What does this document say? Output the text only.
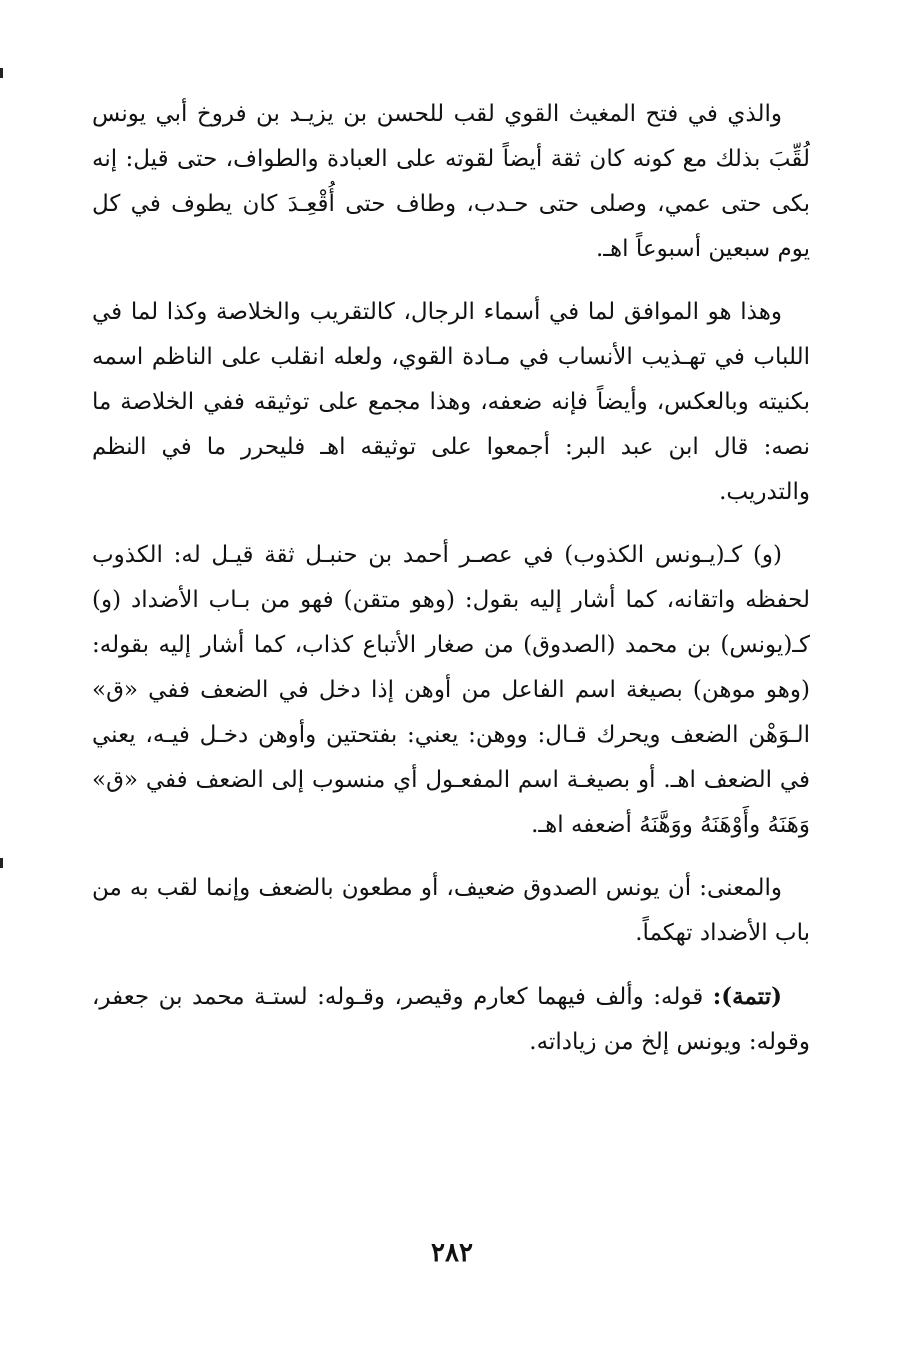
والذي في فتح المغيث القوي لقب للحسن بن يزيـد بن فروخ أبي يونس لُقِّبَ بذلك مع كونه كان ثقة أيضاً لقوته على العبادة والطواف، حتى قيل: إنه بكى حتى عمي، وصلى حتى حـدب، وطاف حتى أُقْعِـدَ كان يطوف في كل يوم سبعين أسبوعاً اهـ.

وهذا هو الموافق لما في أسماء الرجال، كالتقريب والخلاصة وكذا لما في اللباب في تهـذيب الأنساب في مـادة القوي، ولعله انقلب على الناظم اسمه بكنيته وبالعكس، وأيضاً فإنه ضعفه، وهذا مجمع على توثيقه ففي الخلاصة ما نصه: قال ابن عبد البر: أجمعوا على توثيقه اهـ فليحرر ما في النظم والتدريب.

(و) كـ(يـونس الكذوب) في عصـر أحمد بن حنبـل ثقة قيـل له: الكذوب لحفظه واتقانه، كما أشار إليه بقول: (وهو متقن) فهو من بـاب الأضداد (و) كـ(يونس) بن محمد (الصدوق) من صغار الأتباع كذاب، كما أشار إليه بقوله: (وهو موهن) بصيغة اسم الفاعل من أوهن إذا دخل في الضعف ففي «ق» الـوَهْن الضعف ويحرك قـال: ووهن: يعني: بفتحتين وأوهن دخـل فيـه، يعني في الضعف اهـ. أو بصيغـة اسم المفعـول أي منسوب إلى الضعف ففي «ق» وَهَنَهُ وأَوْهَنَهُ ووَهَّنَهُ أضعفه اهـ.

والمعنى: أن يونس الصدوق ضعيف، أو مطعون بالضعف وإنما لقب به من باب الأضداد تهكماً.

(تتمة): قوله: وألف فيهما كعارم وقيصر، وقـوله: لستـة محمد بن جعفر، وقوله: ويونس إلخ من زياداته.

٢٨٢
